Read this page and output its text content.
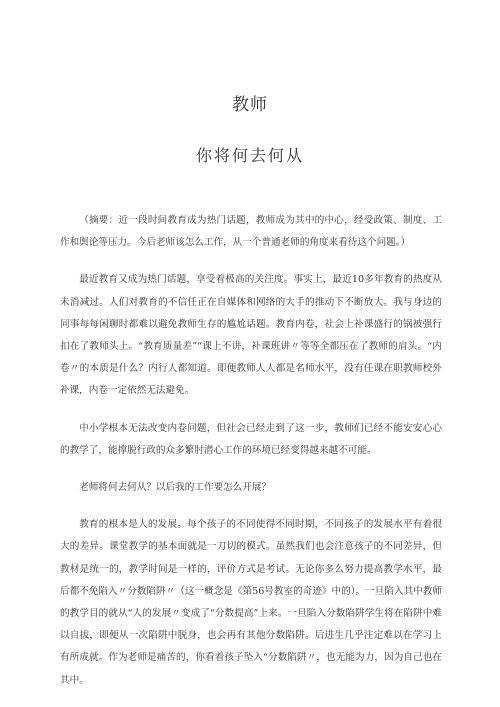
教师
你将何去何从

（摘要：近一段时间教育成为热门话题，教师成为其中的中心，经受政策、制度、工作和舆论等压力。今后老师该怎么工作，从一个普通老师的角度来看待这个问题。）

最近教育又成为热门话题，享受着极高的关注度。事实上，最近10多年教育的热度从未消减过。人们对教育的不信任正在自媒体和网络的大手的推动下不断放大。我与身边的同事每每闲聊时都难以避免教师生存的尴尬话题。教育内卷，社会上补课盛行的锅被强行扣在了教师头上。“教育质量差”“课上不讲，补课班讲〃等等全都压在了教师的肩头。“内卷〃的本质是什么？内行人都知道。即便教师人人都是名师水平，没有任课在职教师校外补课，内卷一定依然无法避免。

中小学根本无法改变内卷问题，但社会已经走到了这一步，教师们已经不能安安心心的教学了，能撑脱行政的众多繁肘潜心工作的环境已经变得越来越不可能。

老师将何去何从？以后我的工作要怎么开展？

教育的根本是人的发展。每个孩子的不同使得不同时期，不同孩子的发展水平有着很大的差异。课堂教学的基本面就是一刀切的模式。虽然我们也会注意孩子的不同差异，但教材是统一的，教学时间是一样的，评价方式是考试。无论你多么努力提高教学水平，最后都不免陷入〃分数陷阱〃（这一概念是《第56号教室的奇迹》中的）。一旦陷入其中教师的教学目的就从“人的发展〃变成了“分数提高”上来。一旦陷入分数陷阱学生将在陷阱中难以自拔，即便从一次陷阱中脱身，也会再有其他分数陷阱。后进生几乎注定难以在学习上有所成就。作为老师是痛苦的，你看着孩子坠入“分数陷阱〃，也无能为力，因为自己也在其中。
